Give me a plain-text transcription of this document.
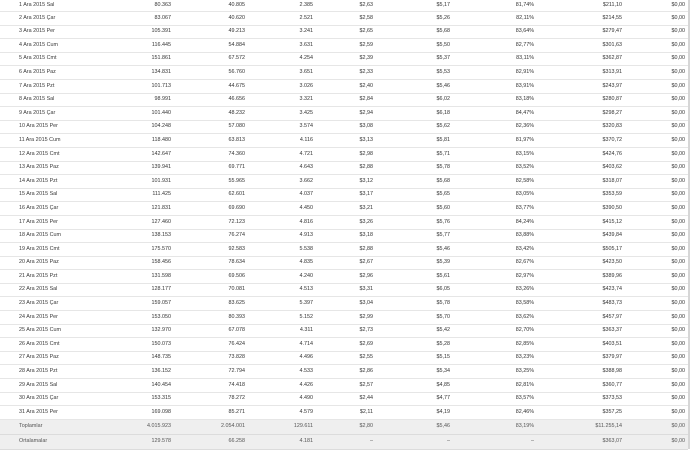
1 Ara 2015 Sal	80.363	40.805	2.385	$2,63	$5,17	81,74%	$211,10	$0,00
2 Ara 2015 Çar	83.067	40.620	2.521	$2,58	$5,26	82,11%	$214,55	$0,00
3 Ara 2015 Per	105.391	49.213	3.241	$2,65	$5,68	83,64%	$279,47	$0,00
4 Ara 2015 Cum	116.445	54.884	3.631	$2,59	$5,50	82,77%	$301,63	$0,00
5 Ara 2015 Cmt	151.861	67.572	4.254	$2,39	$5,37	83,11%	$362,87	$0,00
6 Ara 2015 Paz	134.831	56.760	3.651	$2,33	$5,53	82,91%	$313,91	$0,00
7 Ara 2015 Pzt	101.713	44.675	3.026	$2,40	$5,46	83,91%	$243,97	$0,00
8 Ara 2015 Sal	98.991	46.656	3.321	$2,84	$6,02	83,18%	$280,87	$0,00
9 Ara 2015 Çar	101.440	48.232	3.425	$2,94	$6,18	84,47%	$298,27	$0,00
10 Ara 2015 Per	104.248	57.080	3.574	$3,08	$5,62	82,36%	$320,83	$0,00
11 Ara 2015 Cum	118.480	63.813	4.116	$3,13	$5,81	81,97%	$370,72	$0,00
12 Ara 2015 Cmt	142.647	74.360	4.721	$2,98	$5,71	83,15%	$424,76	$0,00
13 Ara 2015 Paz	139.941	69.771	4.643	$2,88	$5,78	83,52%	$403,62	$0,00
14 Ara 2015 Pzt	101.931	55.965	3.662	$3,12	$5,68	82,58%	$318,07	$0,00
15 Ara 2015 Sal	111.425	62.601	4.037	$3,17	$5,65	83,05%	$353,59	$0,00
16 Ara 2015 Çar	121.831	69.690	4.450	$3,21	$5,60	83,77%	$390,50	$0,00
17 Ara 2015 Per	127.460	72.123	4.816	$3,26	$5,76	84,24%	$415,12	$0,00
18 Ara 2015 Cum	138.153	76.274	4.913	$3,18	$5,77	83,88%	$439,84	$0,00
19 Ara 2015 Cmt	175.570	92.583	5.538	$2,88	$5,46	83,42%	$505,17	$0,00
20 Ara 2015 Paz	158.456	78.634	4.835	$2,67	$5,39	82,67%	$423,50	$0,00
21 Ara 2015 Pzt	131.598	69.506	4.240	$2,96	$5,61	82,97%	$389,96	$0,00
22 Ara 2015 Sal	128.177	70.081	4.513	$3,31	$6,05	83,26%	$423,74	$0,00
23 Ara 2015 Çar	159.057	83.625	5.397	$3,04	$5,78	83,58%	$483,73	$0,00
24 Ara 2015 Per	153.050	80.393	5.152	$2,99	$5,70	83,62%	$457,97	$0,00
25 Ara 2015 Cum	132.970	67.078	4.311	$2,73	$5,42	82,70%	$363,37	$0,00
26 Ara 2015 Cmt	150.073	76.424	4.714	$2,69	$5,28	82,85%	$403,51	$0,00
27 Ara 2015 Paz	148.735	73.828	4.496	$2,55	$5,15	83,23%	$379,97	$0,00
28 Ara 2015 Pzt	136.152	72.794	4.533	$2,86	$5,34	83,25%	$388,98	$0,00
29 Ara 2015 Sal	140.454	74.418	4.426	$2,57	$4,85	82,81%	$360,77	$0,00
30 Ara 2015 Çar	153.315	78.272	4.490	$2,44	$4,77	83,57%	$373,53	$0,00
31 Ara 2015 Per	169.098	85.271	4.579	$2,11	$4,19	82,46%	$357,25	$0,00
Toplamlar	4.015.923	2.054.001	129.611	$2,80	$5,46	83,19%	$11.255,14	$0,00
Ortalamalar	129.578	66.258	4.181	–	–	–	$363,07	$0,00
